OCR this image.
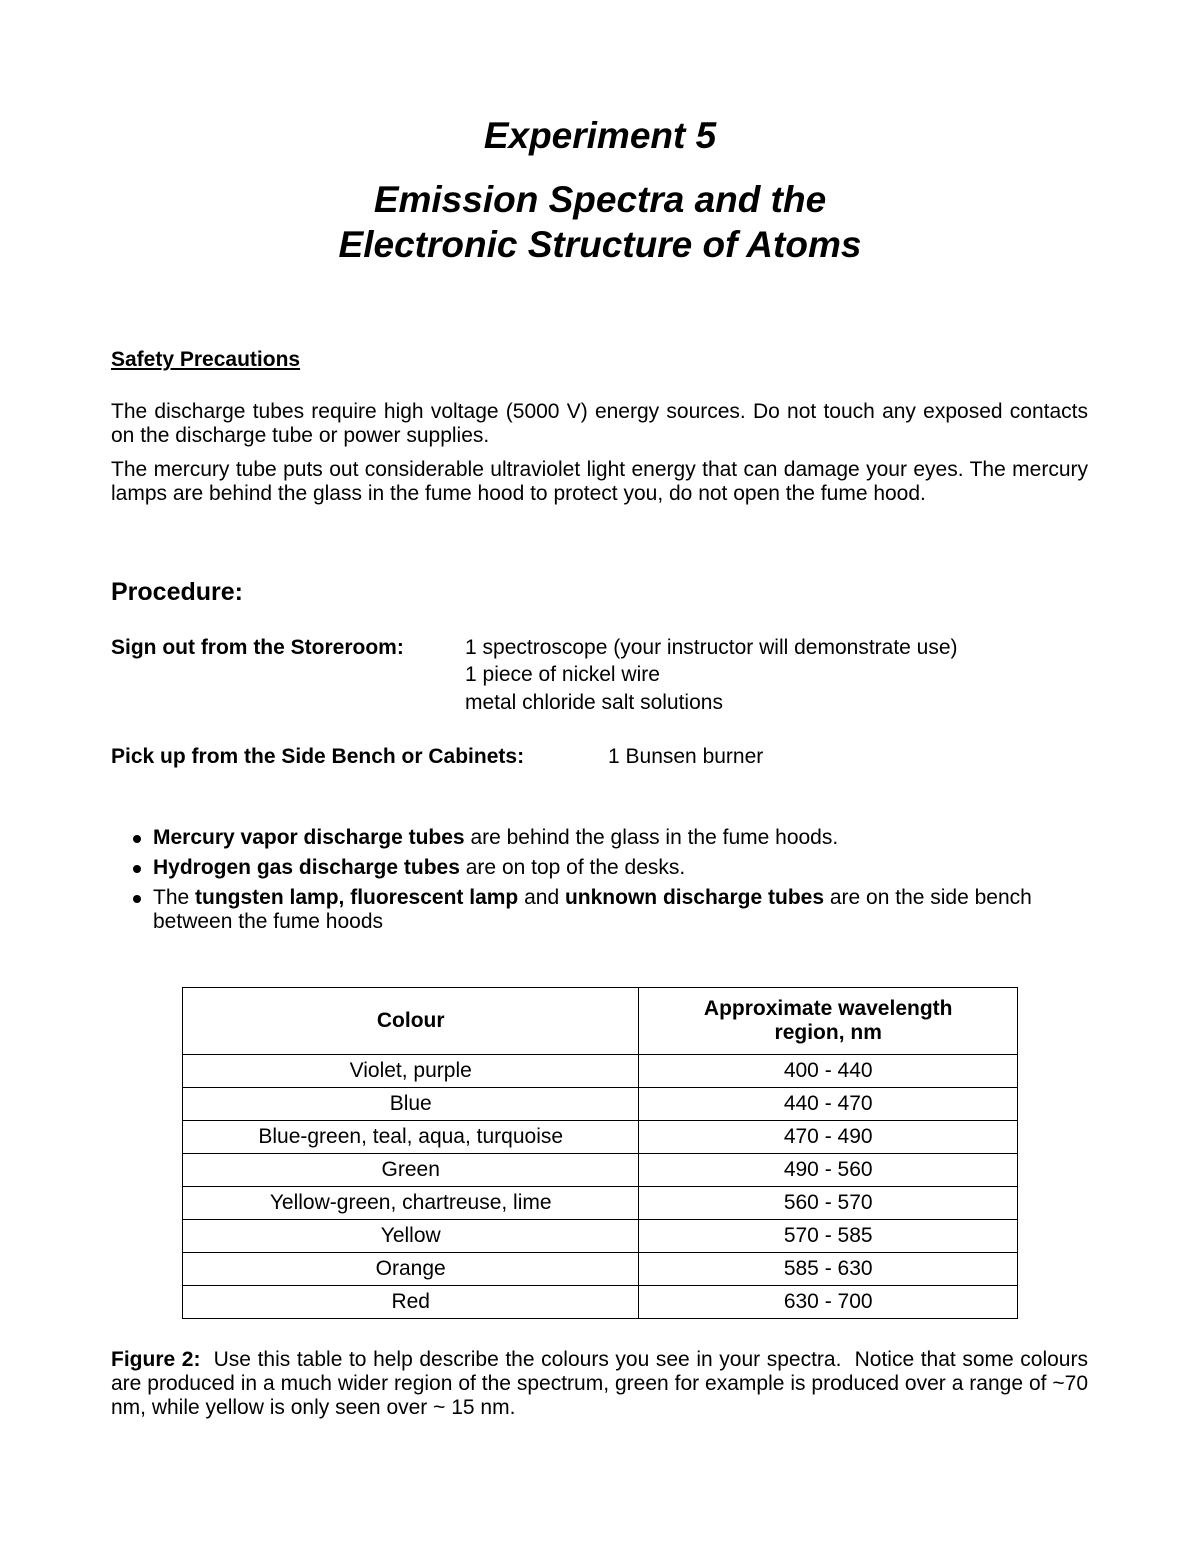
Experiment 5
Emission Spectra and the
Electronic Structure of Atoms
Safety Precautions
The discharge tubes require high voltage (5000 V) energy sources. Do not touch any exposed contacts on the discharge tube or power supplies.
The mercury tube puts out considerable ultraviolet light energy that can damage your eyes. The mercury lamps are behind the glass in the fume hood to protect you, do not open the fume hood.
Procedure:
Sign out from the Storeroom:	1 spectroscope (your instructor will demonstrate use)
1 piece of nickel wire
metal chloride salt solutions
Pick up from the Side Bench or Cabinets:	1 Bunsen burner
Mercury vapor discharge tubes are behind the glass in the fume hoods.
Hydrogen gas discharge tubes are on top of the desks.
The tungsten lamp, fluorescent lamp and unknown discharge tubes are on the side bench between the fume hoods
Colour	Approximate wavelength
region, nm
Violet, purple	400 - 440
Blue	440 - 470
Blue-green, teal, aqua, turquoise	470 - 490
Green	490 - 560
Yellow-green, chartreuse, lime	560 - 570
Yellow	570 - 585
Orange	585 - 630
Red	630 - 700
Figure 2:  Use this table to help describe the colours you see in your spectra.  Notice that some colours are produced in a much wider region of the spectrum, green for example is produced over a range of ~70 nm, while yellow is only seen over ~ 15 nm.
